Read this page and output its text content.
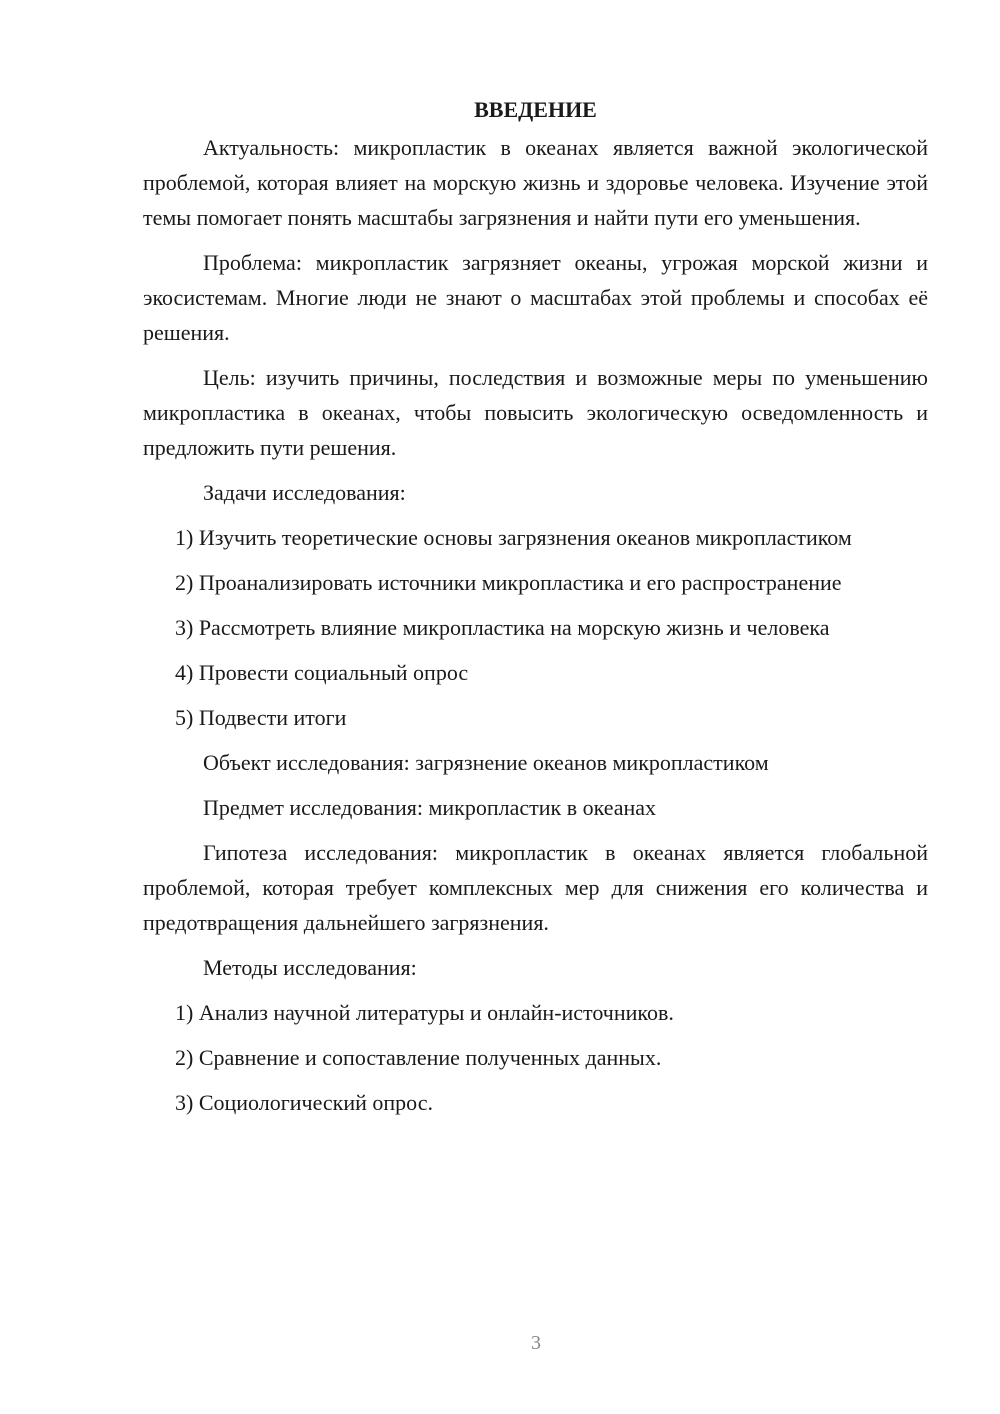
ВВЕДЕНИЕ

Актуальность: микропластик в океанах является важной экологической проблемой, которая влияет на морскую жизнь и здоровье человека. Изучение этой темы помогает понять масштабы загрязнения и найти пути его уменьшения.

Проблема: микропластик загрязняет океаны, угрожая морской жизни и экосистемам. Многие люди не знают о масштабах этой проблемы и способах её решения.

Цель: изучить причины, последствия и возможные меры по уменьшению микропластика в океанах, чтобы повысить экологическую осведомленность и предложить пути решения.

Задачи исследования:

1) Изучить теоретические основы загрязнения океанов микропластиком

2) Проанализировать источники микропластика и его распространение

3) Рассмотреть влияние микропластика на морскую жизнь и человека

4) Провести социальный опрос

5) Подвести итоги

Объект исследования: загрязнение океанов микропластиком

Предмет исследования: микропластик в океанах

Гипотеза исследования: микропластик в океанах является глобальной проблемой, которая требует комплексных мер для снижения его количества и предотвращения дальнейшего загрязнения.

Методы исследования:

1) Анализ научной литературы и онлайн-источников.

2) Сравнение и сопоставление полученных данных.

3) Социологический опрос.

3
